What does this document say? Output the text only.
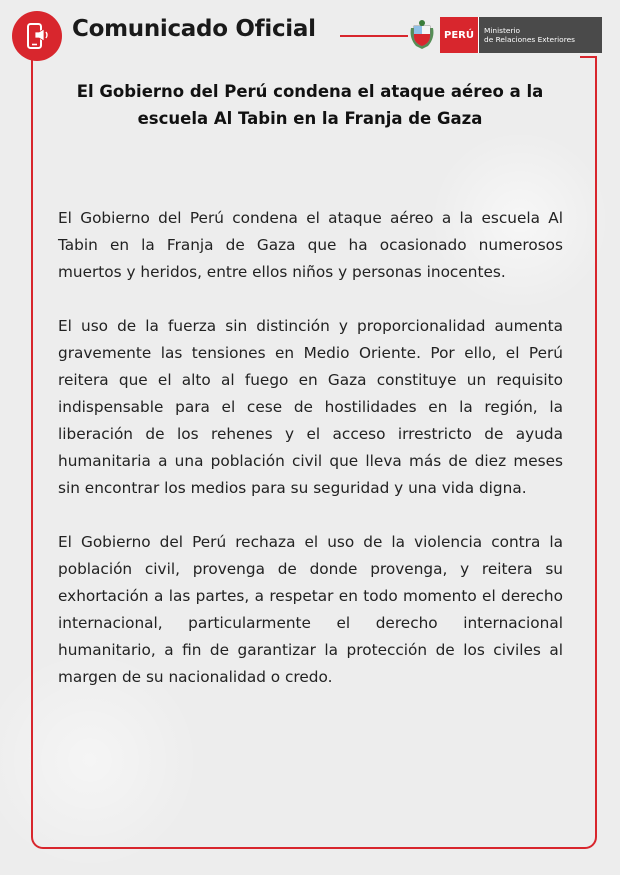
Comunicado Oficial	PERÚ	Ministerio
de Relaciones Exteriores
El Gobierno del Perú condena el ataque aéreo a la escuela Al Tabin en la Franja de Gaza

El Gobierno del Perú condena el ataque aéreo a la escuela Al Tabin en la Franja de Gaza que ha ocasionado numerosos muertos y heridos, entre ellos niños y personas inocentes.

El uso de la fuerza sin distinción y proporcionalidad aumenta gravemente las tensiones en Medio Oriente. Por ello, el Perú reitera que el alto al fuego en Gaza constituye un requisito indispensable para el cese de hostilidades en la región, la liberación de los rehenes y el acceso irrestricto de ayuda humanitaria a una población civil que lleva más de diez meses sin encontrar los medios para su seguridad y una vida digna.

El Gobierno del Perú rechaza el uso de la violencia contra la población civil, provenga de donde provenga, y reitera su exhortación a las partes, a respetar en todo momento el derecho internacional, particularmente el derecho internacional humanitario, a fin de garantizar la protección de los civiles al margen de su nacionalidad o credo.
